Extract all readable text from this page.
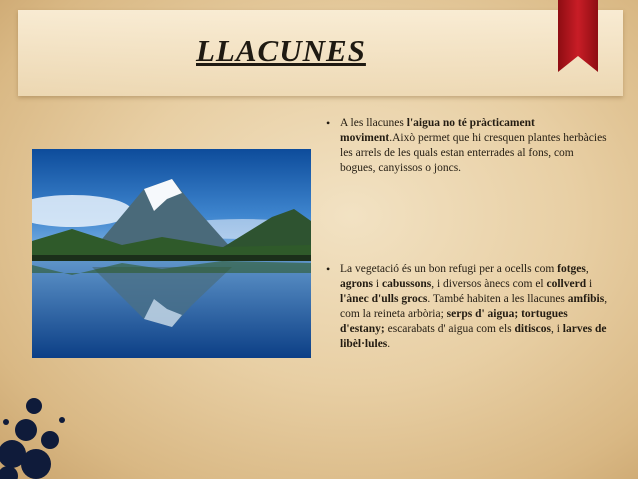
LLACUNES
• A les llacunes l'aigua no té pràcticament moviment.Això permet que hi cresquen plantes herbàcies les arrels de les quals estan enterrades al fons, com bogues, canyissos o joncs.
• La vegetació és un bon refugi per a ocells com fotges, agrons i cabussons, i diversos ànecs com el collverd i l'ànec d'ulls grocs. També habiten a les llacunes amfibis, com la reineta arbòria; serps d' aigua; tortugues d'estany; escarabats d' aigua com els ditiscos, i larves de libèl·lules.
